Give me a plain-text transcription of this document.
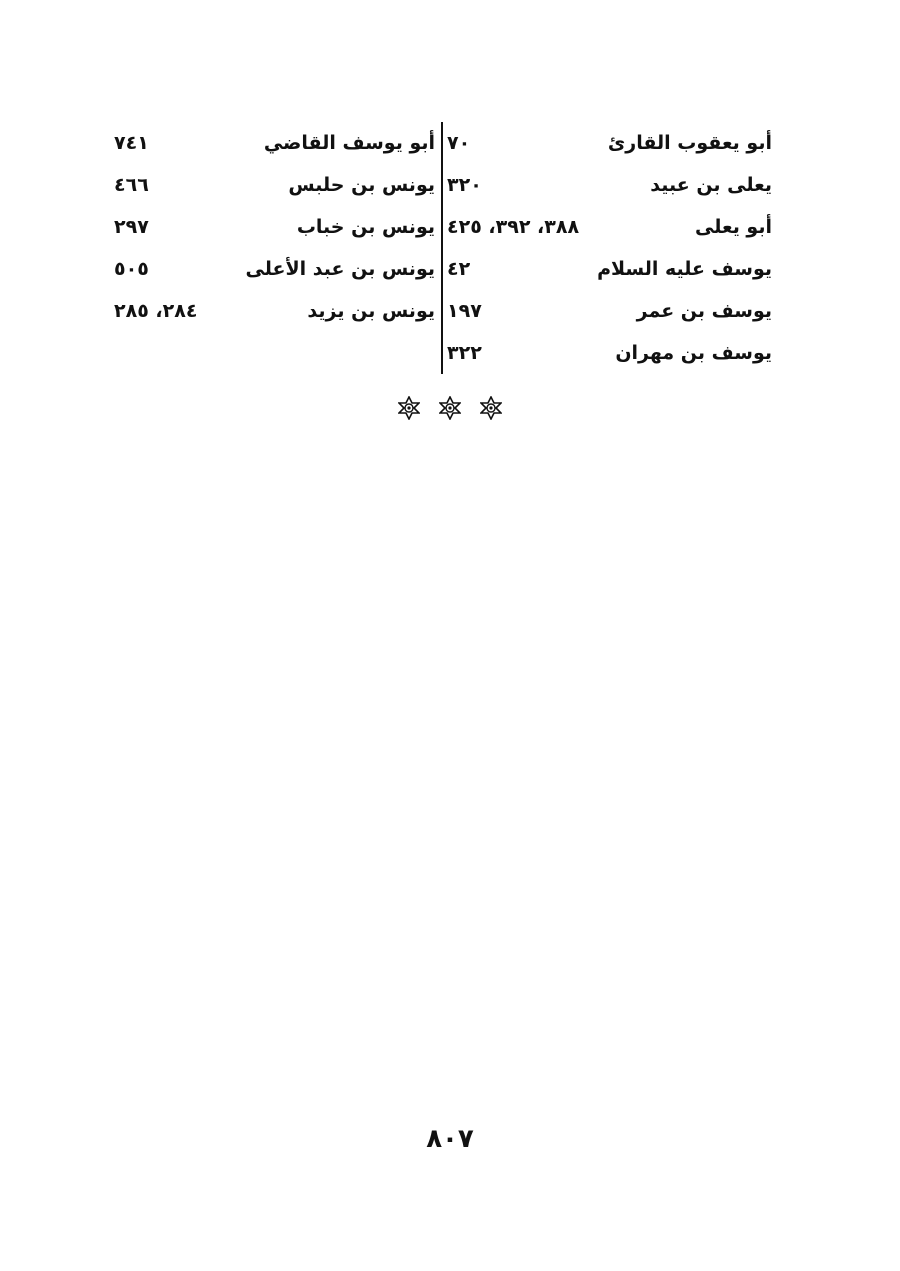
أبو يعقوب القارئ
٧٠
يعلى بن عبيد
٣٢٠
أبو يعلى
٣٨٨، ٣٩٢، ٤٢٥
يوسف عليه السلام
٤٢
يوسف بن عمر
١٩٧
يوسف بن مهران
٣٢٢
أبو يوسف القاضي
٧٤١
يونس بن حلبس
٤٦٦
يونس بن خباب
٢٩٧
يونس بن عبد الأعلى
٥٠٥
يونس بن يزيد
٢٨٤، ٢٨٥

٨٠٧
